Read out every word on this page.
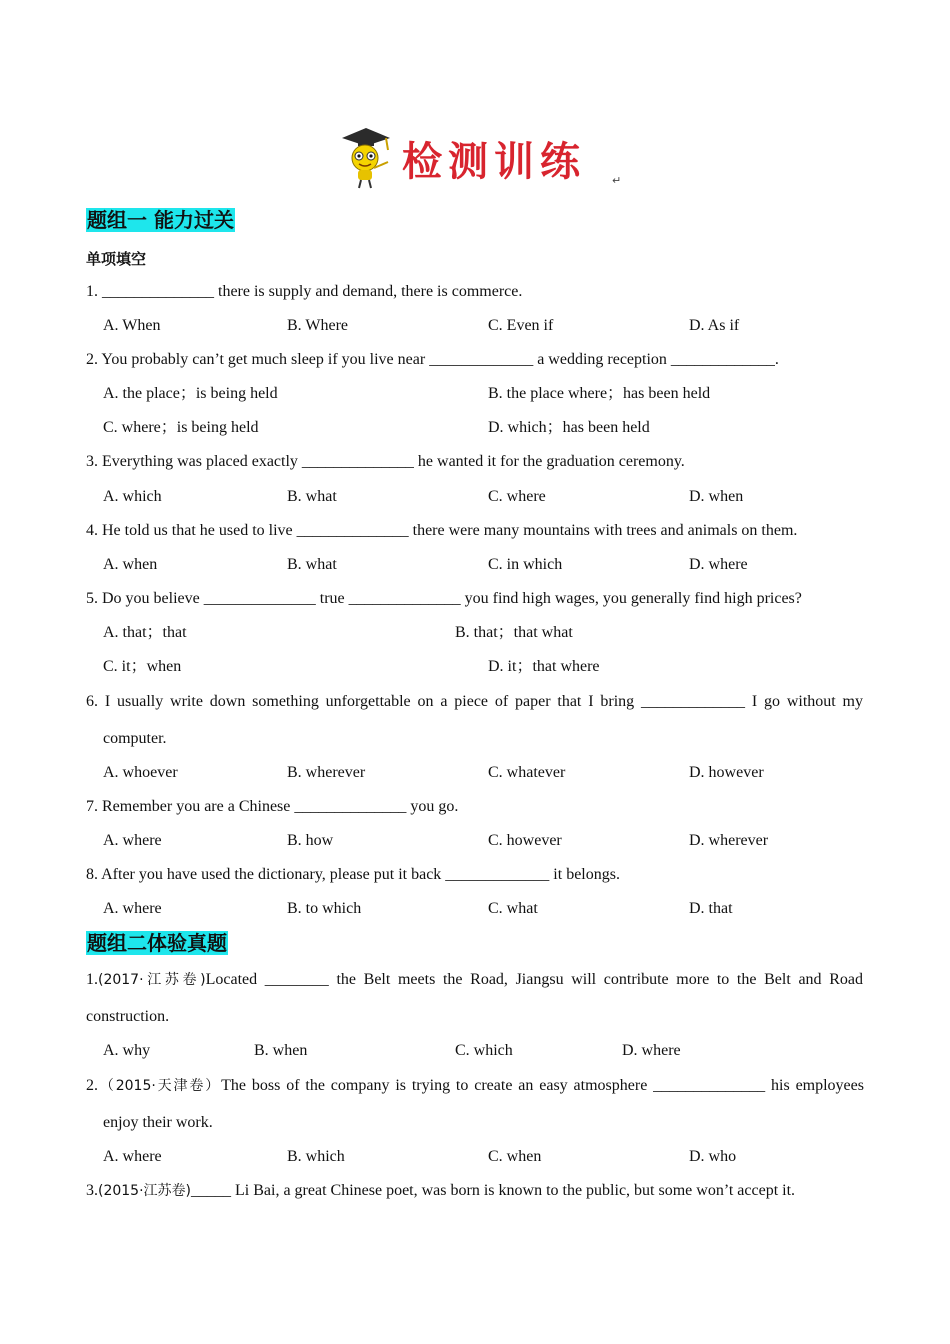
检测训练 ↵
题组一 能力过关
单项填空
1. ______________ there is supply and demand, there is commerce.
A. When	B. Where	C. Even if	D. As if
2. You probably can’t get much sleep if you live near _____________ a wedding reception _____________.
A. the place；is being held	B. the place where；has been held
C. where；is being held	D. which；has been held
3. Everything was placed exactly ______________ he wanted it for the graduation ceremony.
A. which	B. what	C. where	D. when
4. He told us that he used to live ______________ there were many mountains with trees and animals on them.
A. when	B. what	C. in which	D. where
5. Do you believe ______________ true ______________ you find high wages, you generally find high prices?
A. that；that	B. that；that what
C. it；when	D. it；that where
6. I usually write down something unforgettable on a piece of paper that I bring _____________ I go without my
computer.
A. whoever	B. wherever	C. whatever	D. however
7. Remember you are a Chinese ______________ you go.
A. where	B. how	C. however	D. wherever
8. After you have used the dictionary, please put it back _____________ it belongs.
A. where	B. to which	C. what	D. that
题组二体验真题
1.(2017·江苏卷)Located ________ the Belt meets the Road, Jiangsu will contribute more to the Belt and Road
construction.
A. why	B. when	C. which	D. where
2.（2015·天津卷）The boss of the company is trying to create an easy atmosphere ______________ his employees
enjoy their work.
A. where	B. which	C. when	D. who
3.(2015·江苏卷)_____ Li Bai, a great Chinese poet, was born is known to the public, but some won’t accept it.
